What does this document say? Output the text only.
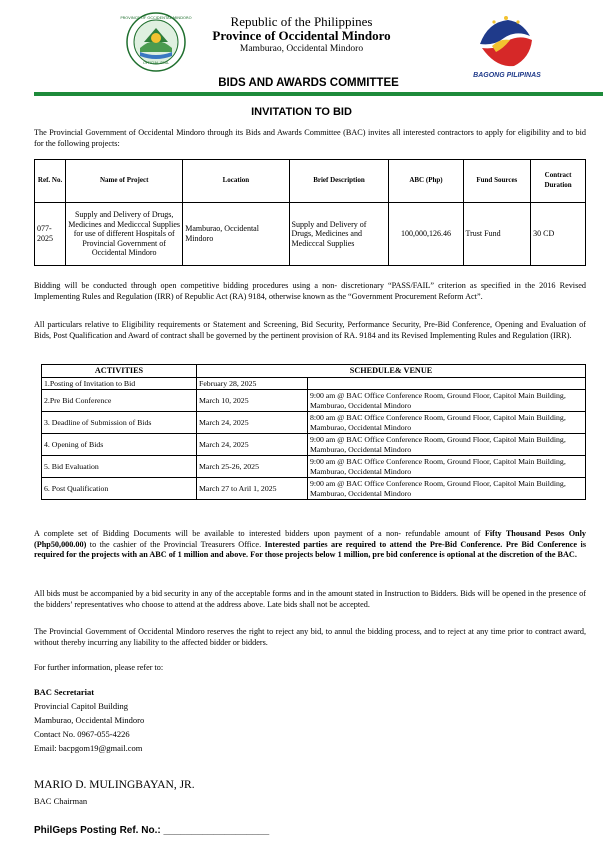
OFFICIAL SEAL
PROVINCE OF OCCIDENTAL MINDORO	Republic of the Philippines
Province of Occidental Mindoro
Mamburao, Occidental Mindoro
BIDS AND AWARDS COMMITTEE
BAGONG PILIPINAS
INVITATION TO BID
The Provincial Government of Occidental Mindoro through its Bids and Awards Committee (BAC) invites all interested contractors to apply for eligibility and to bid for the following projects:
Ref. No.	Name of Project	Location	Brief Description	ABC (Php)	Fund Sources	Contract Duration
077-2025	Supply and Delivery of Drugs, Medicines and Medicccal Supplies for use of different Hospitals of Provincial Government of Occidental Mindoro	Mamburao, Occidental Mindoro	Supply and Delivery of Drugs, Medicines and Medicccal Supplies	100,000,126.46	Trust Fund	30 CD
Bidding will be conducted through open competitive bidding procedures using a non- discretionary “PASS/FAIL” criterion as specified in the 2016 Revised Implementing Rules and Regulation (IRR) of Republic Act (RA) 9184, otherwise known as the “Government Procurement Reform Act”.
All particulars relative to Eligibility requirements or Statement and Screening, Bid Security, Performance Security, Pre-Bid Conference, Opening and Evaluation of Bids, Post Qualification and Award of contract shall be governed by the pertinent provision of RA. 9184 and its Revised Implementing Rules and Regulation (IRR).
ACTIVITIES	SCHEDULE& VENUE	
1.Posting of Invitation to Bid	February 28, 2025	
2.Pre Bid Conference	March 10, 2025	9:00 am @ BAC Office Conference Room, Ground Floor, Capitol Main Building, Mamburao, Occidental Mindoro
3. Deadline of Submission of Bids	March 24, 2025	8:00 am @ BAC Office Conference Room, Ground Floor, Capitol Main Building, Mamburao, Occidental Mindoro
4. Opening of Bids	March 24, 2025	9:00 am @ BAC Office Conference Room, Ground Floor, Capitol Main Building, Mamburao, Occidental Mindoro
5. Bid Evaluation	March 25-26, 2025	9:00 am @ BAC Office Conference Room, Ground Floor, Capitol Main Building, Mamburao, Occidental Mindoro
6. Post Qualification	March 27 to Aril 1, 2025	9:00 am @ BAC Office Conference Room, Ground Floor, Capitol Main Building, Mamburao, Occidental Mindoro
A complete set of Bidding Documents will be available to interested bidders upon payment of a non- refundable amount of Fifty Thousand Pesos Only (Php50,000.00) to the cashier of the Provincial Treasurers Office. Interested parties are required to attend the Pre-Bid Conference. Pre Bid Conference is required for the projects with an ABC of 1 million and above. For those projects below 1 million, pre bid conference is optional at the discretion of the BAC.
All bids must be accompanied by a bid security in any of the acceptable forms and in the amount stated in Instruction to Bidders. Bids will be opened in the presence of the bidders’ representatives who choose to attend at the address above. Late bids shall not be accepted.
The Provincial Government of Occidental Mindoro reserves the right to reject any bid, to annul the bidding process, and to reject at any time prior to contract award, without thereby incurring any liability to the affected bidder or bidders.
For further information, please refer to:
BAC Secretariat
Provincial Capitol Building
Mamburao, Occidental Mindoro
Contact No. 0967-055-4226
Email: bacpgom19@gmail.com
MARIO D. MULINGBAYAN, JR.
BAC Chairman
PhilGeps Posting Ref. No.: ___________________
